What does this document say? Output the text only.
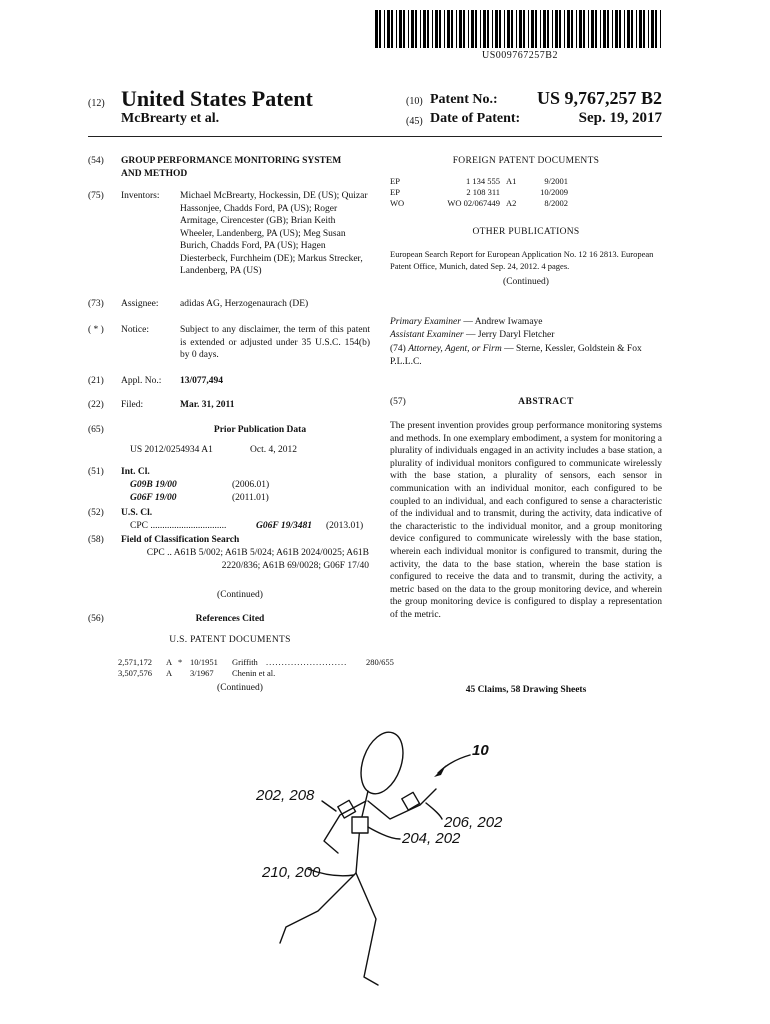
US009767257B2
(12) United States Patent
McBrearty et al.
(10) Patent No.:	US 9,767,257 B2
(45) Date of Patent:	Sep. 19, 2017
(54) GROUP PERFORMANCE MONITORING SYSTEM AND METHOD
(75) Inventors: Michael McBrearty, Hockessin, DE (US); Quizar Hassonjee, Chadds Ford, PA (US); Roger Armitage, Cirencester (GB); Brian Keith Wheeler, Landenberg, PA (US); Meg Susan Burich, Chadds Ford, PA (US); Hagen Diesterbeck, Furchheim (DE); Markus Strecker, Landenberg, PA (US)
(73) Assignee: adidas AG, Herzogenaurach (DE)
( * ) Notice:	Subject to any disclaimer, the term of this patent is extended or adjusted under 35 U.S.C. 154(b) by 0 days.
(21) Appl. No.: 13/077,494
(22) Filed:	Mar. 31, 2011
(65)	Prior Publication Data
US 2012/0254934 A1	Oct. 4, 2012
(51) Int. Cl.
G09B 19/00	(2006.01)
G06F 19/00	(2011.01)
(52) U.S. Cl.
CPC ................................	G06F 19/3481 (2013.01)
(58) Field of Classification Search
CPC .. A61B 5/002; A61B 5/024; A61B 2024/0025; A61B 2220/836; A61B 69/0028; G06F 17/40
(Continued)
(56)	References Cited
U.S. PATENT DOCUMENTS
2,571,172	A * 10/1951	Griffith ..........................	280/655
3,507,576	A	3/1967	Chenin et al.
(Continued)
FOREIGN PATENT DOCUMENTS
EP	1 134 555 A1	9/2001
EP	2 108 311	10/2009
WO	WO 02/067449 A2	8/2002
OTHER PUBLICATIONS
European Search Report for European Application No. 12 16 2813. European Patent Office, Munich, dated Sep. 24, 2012. 4 pages.
(Continued)
Primary Examiner — Andrew Iwamaye
Assistant Examiner — Jerry Daryl Fletcher
(74) Attorney, Agent, or Firm — Sterne, Kessler, Goldstein & Fox P.L.L.C.
(57)	ABSTRACT
The present invention provides group performance monitoring systems and methods. In one exemplary embodiment, a system for monitoring a plurality of individuals engaged in an activity includes a base station, a plurality of individual monitors configured to communicate wirelessly with the base station, a plurality of sensors, each sensor in communication with an individual monitor, each configured to be coupled to an individual, and each configured to sense a characteristic of the individual and to transmit, during the activity, data indicative of the characteristic to the individual monitor, and a group monitoring device configured to communicate wirelessly with the base station, wherein each individual monitor is configured to transmit, during the activity, the data to the base station, wherein the base station is configured to receive the data and to transmit, during the activity, a metric based on the data to the group monitoring device, and wherein the group monitoring device is configured to display a representation of the metric.
45 Claims, 58 Drawing Sheets
10
202, 208
206, 202
204, 202
210, 200
